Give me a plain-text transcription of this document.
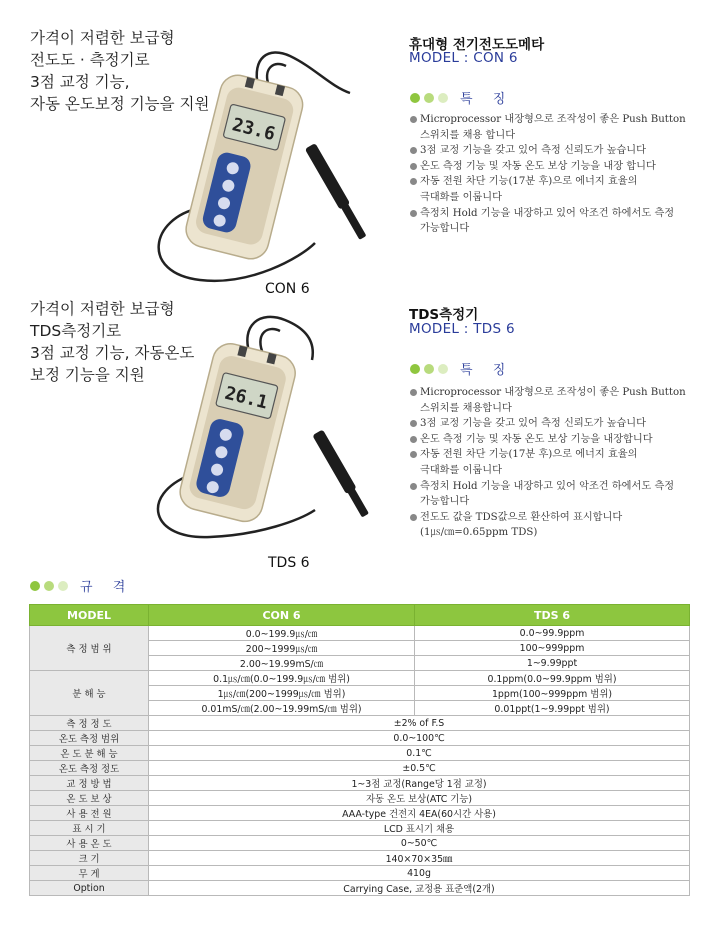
가격이 저렴한 보급형
전도도 · 측정기로
3점 교정 기능,
자동 온도보정 기능을 지원
23.6
휴대형 전기전도도메타
MODEL : CON 6
특 징
Microprocessor 내장형으로 조작성이 좋은 Push Button
스위치를 채용 합니다
3점 교정 기능을 갖고 있어 측정 신뢰도가 높습니다
온도 측정 기능 및 자동 온도 보상 기능을 내장 합니다
자동 전원 차단 기능(17분 후)으로 에너지 효율의
극대화를 이룹니다
측정치 Hold 기능을 내장하고 있어 악조건 하에서도 측정
가능합니다
CON 6
가격이 저렴한 보급형
TDS측정기로
3점 교정 기능, 자동온도
보정 기능을 지원
26.1
TDS측정기
MODEL : TDS 6
특 징
Microprocessor 내장형으로 조작성이 좋은 Push Button
스위치를 채용합니다
3점 교정 기능을 갖고 있어 측정 신뢰도가 높습니다
온도 측정 기능 및 자동 온도 보상 기능을 내장합니다
자동 전원 차단 기능(17분 후)으로 에너지 효율의
극대화를 이룹니다
측정치 Hold 기능을 내장하고 있어 악조건 하에서도 측정
가능합니다
전도도 값을 TDS값으로 환산하여 표시합니다
(1㎲/㎝=0.65ppm TDS)
TDS 6
규 격
MODEL	CON 6	TDS 6
측 정 범 위	0.0~199.9㎲/㎝	0.0~99.9ppm
	200~1999㎲/㎝	100~999ppm
	2.00~19.99mS/㎝	1~9.99ppt
분 해 능	0.1㎲/㎝(0.0~199.9㎲/㎝ 범위)	0.1ppm(0.0~99.9ppm 범위)
	1㎲/㎝(200~1999㎲/㎝ 범위)	1ppm(100~999ppm 범위)
	0.01mS/㎝(2.00~19.99mS/㎝ 범위)	0.01ppt(1~9.99ppt 범위)
측 정 정 도	±2% of F.S	
온도 측정 범위	0.0~100℃	
온 도 분 해 능	0.1℃	
온도 측정 정도	±0.5℃	
교 정 방 법	1~3점 교정(Range당 1점 교정)	
온 도 보 상	자동 온도 보상(ATC 기능)	
사 용 전 원	AAA-type 건전지 4EA(60시간 사용)	
표 시 기	LCD 표시기 채용	
사 용 온 도	0~50℃	
크 기	140×70×35㎜	
무 게	410g	
Option	Carrying Case, 교정용 표준액(2개)	
